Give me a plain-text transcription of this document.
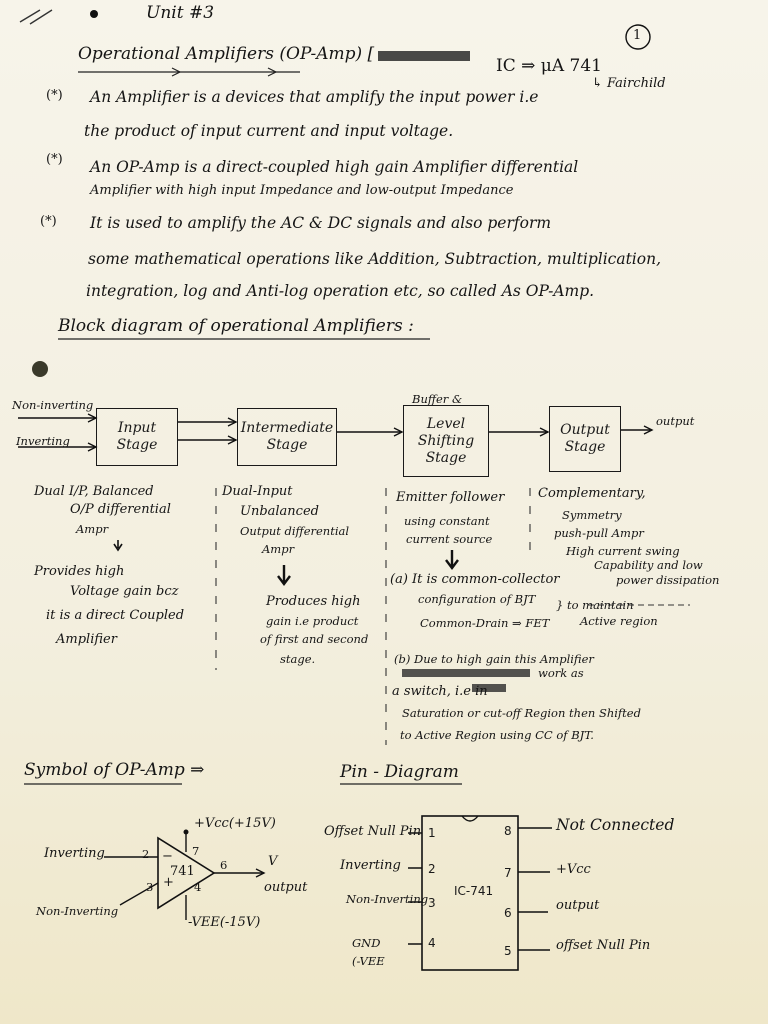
Unit #3
1
Operational Amplifiers (OP-Amp) [
IC ⇒ μA 741
↳ Fairchild
(*) An Amplifier is a devices that amplify the input power i.e
the product of input current and input voltage.
(*) An OP-Amp is a direct-coupled high gain Amplifier differential
Amplifier with high input Impedance and low-output Impedance
(*) It is used to amplify the AC & DC signals and also perform
some mathematical operations like Addition, Subtraction, multiplication,
integration, log and Anti-log operation etc, so called As OP-Amp.
Block diagram of operational Amplifiers :
Non-inverting
Inverting
Buffer &
output
Input
Stage
Intermediate
Stage
Level
Shifting
Stage
Output
Stage
Dual I/P, Balanced
O/P differential
Ampr
Provides high
Voltage gain bcz
it is a direct Coupled
Amplifier
Dual-Input
Unbalanced
Output differential
Ampr
Produces high
gain i.e product
of first and second
stage.
Emitter follower
using constant
current source
(a) It is common-collector
configuration of BJT
Common-Drain ⇒ FET
} to maintain
Active region
(b) Due to high gain this Amplifier
work as
a switch, i.e in
Saturation or cut-off Region then Shifted
to Active Region using CC of BJT.
Complementary,
Symmetry
push-pull Ampr
High current swing
Capability and low
power dissipation
Symbol of OP-Amp ⇒
+Vcc(+15V)
-VEE(-15V)
Inverting
Non-Inverting
741
−
+
2
3
7
4
6	V
output
Pin - Diagram
IC-741
1
2
3
4
8
7
6
5
Offset Null Pin
Inverting
Non-Inverting
GND
(-VEE
Not Connected
+Vcc
output
offset Null Pin
